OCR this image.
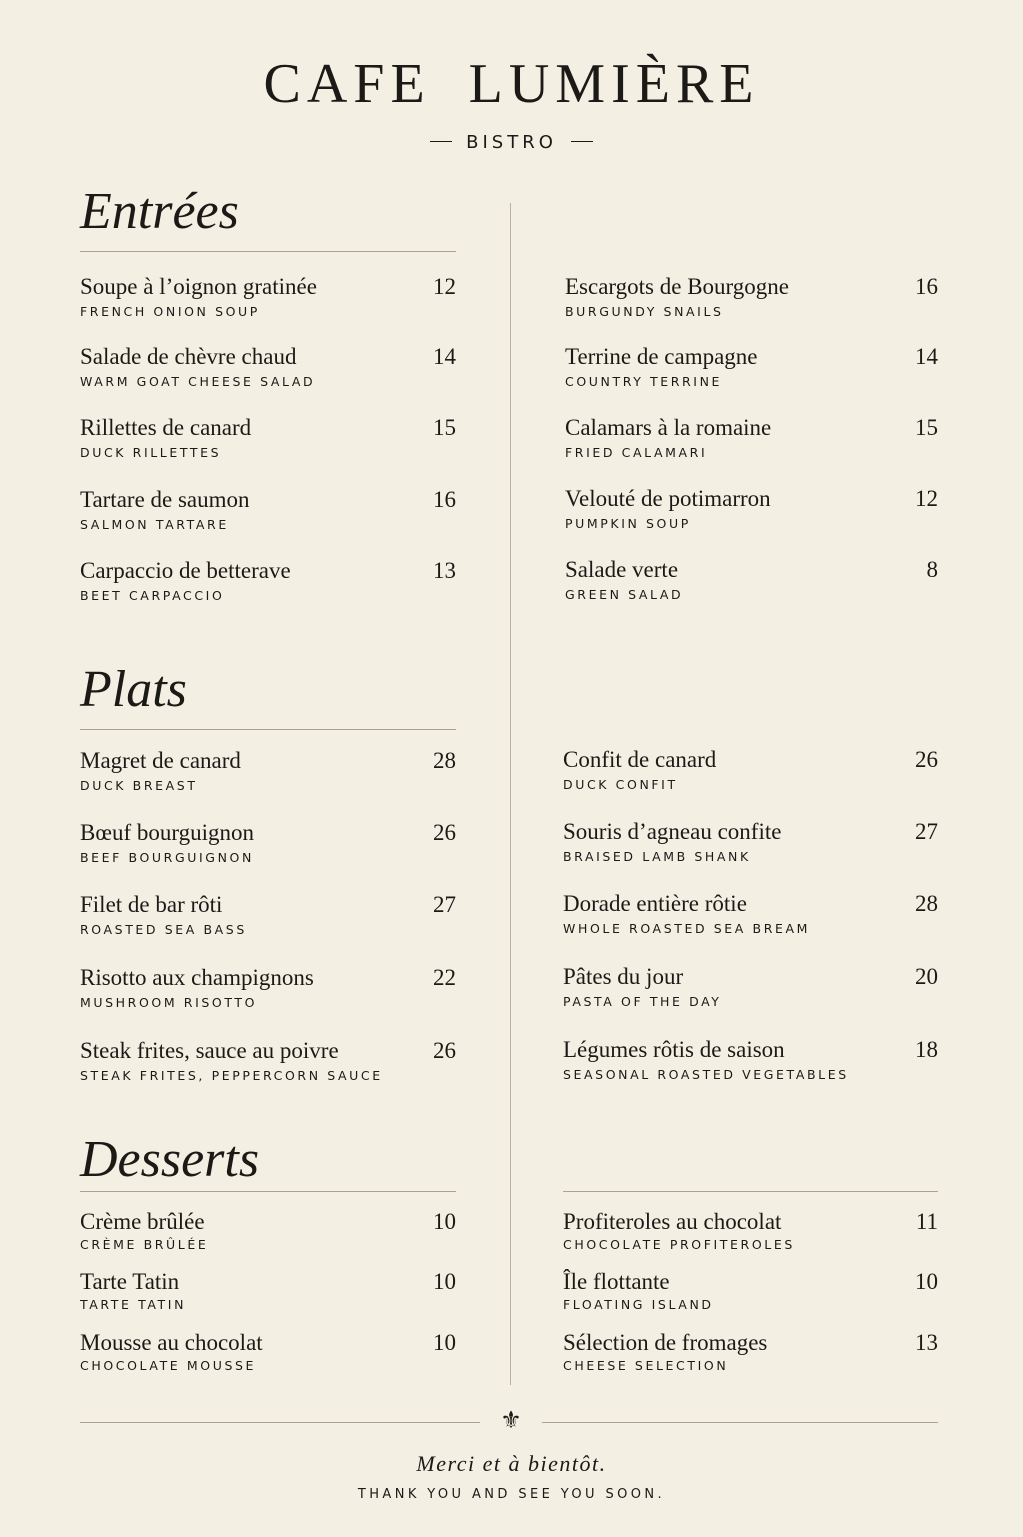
CAFE LUMIÈRE
BISTRO
Entrées
Soupe à l’oignon gratinée
FRENCH ONION SOUP
12
Salade de chèvre chaud
WARM GOAT CHEESE SALAD
14
Rillettes de canard
DUCK RILLETTES
15
Tartare de saumon
SALMON TARTARE
16
Carpaccio de betterave
BEET CARPACCIO
13
Escargots de Bourgogne
BURGUNDY SNAILS
16
Terrine de campagne
COUNTRY TERRINE
14
Calamars à la romaine
FRIED CALAMARI
15
Velouté de potimarron
PUMPKIN SOUP
12
Salade verte
GREEN SALAD
8
Plats
Magret de canard
DUCK BREAST
28
Bœuf bourguignon
BEEF BOURGUIGNON
26
Filet de bar rôti
ROASTED SEA BASS
27
Risotto aux champignons
MUSHROOM RISOTTO
22
Steak frites, sauce au poivre
STEAK FRITES, PEPPERCORN SAUCE
26
Confit de canard
DUCK CONFIT
26
Souris d’agneau confite
BRAISED LAMB SHANK
27
Dorade entière rôtie
WHOLE ROASTED SEA BREAM
28
Pâtes du jour
PASTA OF THE DAY
20
Légumes rôtis de saison
SEASONAL ROASTED VEGETABLES
18
Desserts
Crème brûlée
CRÈME BRÛLÉE
10
Tarte Tatin
TARTE TATIN
10
Mousse au chocolat
CHOCOLATE MOUSSE
10
Profiteroles au chocolat
CHOCOLATE PROFITEROLES
11
Île flottante
FLOATING ISLAND
10
Sélection de fromages
CHEESE SELECTION
13
⚜
Merci et à bientôt.
THANK YOU AND SEE YOU SOON.
